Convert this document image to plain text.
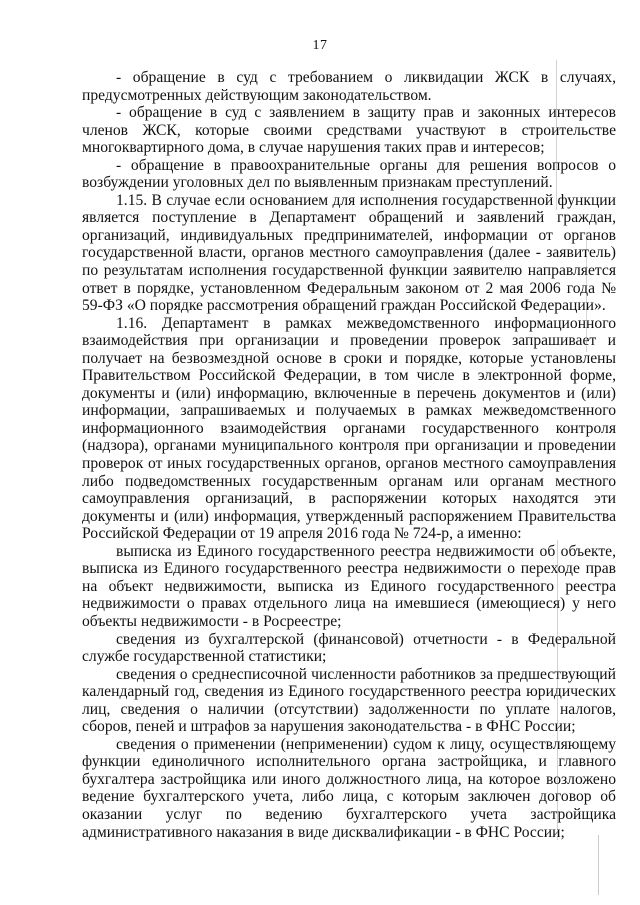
17

- обращение в суд с требованием о ликвидации ЖСК в случаях, предусмотренных действующим законодательством.

- обращение в суд с заявлением в защиту прав и законных интересов членов ЖСК, которые своими средствами участвуют в строительстве многоквартирного дома, в случае нарушения таких прав и интересов;

- обращение в правоохранительные органы для решения вопросов о возбуждении уголовных дел по выявленным признакам преступлений.

1.15. В случае если основанием для исполнения государственной функции является поступление в Департамент обращений и заявлений граждан, организаций, индивидуальных предпринимателей, информации от органов государственной власти, органов местного самоуправления (далее - заявитель) по результатам исполнения государственной функции заявителю направляется ответ в порядке, установленном Федеральным законом от 2 мая 2006 года № 59-ФЗ «О порядке рассмотрения обращений граждан Российской Федерации».

1.16. Департамент в рамках межведомственного информационного взаимодействия при организации и проведении проверок запрашивает и получает на безвозмездной основе в сроки и порядке, которые установлены Правительством Российской Федерации, в том числе в электронной форме, документы и (или) информацию, включенные в перечень документов и (или) информации, запрашиваемых и получаемых в рамках межведомственного информационного взаимодействия органами государственного контроля (надзора), органами муниципального контроля при организации и проведении проверок от иных государственных органов, органов местного самоуправления либо подведомственных государственным органам или органам местного самоуправления организаций, в распоряжении которых находятся эти документы и (или) информация, утвержденный распоряжением Правительства Российской Федерации от 19 апреля 2016 года № 724-р, а именно:

выписка из Единого государственного реестра недвижимости об объекте, выписка из Единого государственного реестра недвижимости о переходе прав на объект недвижимости, выписка из Единого государственного реестра недвижимости о правах отдельного лица на имевшиеся (имеющиеся) у него объекты недвижимости - в Росреестре;

сведения из бухгалтерской (финансовой) отчетности - в Федеральной службе государственной статистики;

сведения о среднесписочной численности работников за предшествующий календарный год, сведения из Единого государственного реестра юридических лиц, сведения о наличии (отсутствии) задолженности по уплате налогов, сборов, пеней и штрафов за нарушения законодательства - в ФНС России;

сведения о применении (неприменении) судом к лицу, осуществляющему функции единоличного исполнительного органа застройщика, и главного бухгалтера застройщика или иного должностного лица, на которое возложено ведение бухгалтерского учета, либо лица, с которым заключен договор об оказании услуг по ведению бухгалтерского учета застройщика административного наказания в виде дисквалификации - в ФНС России;
